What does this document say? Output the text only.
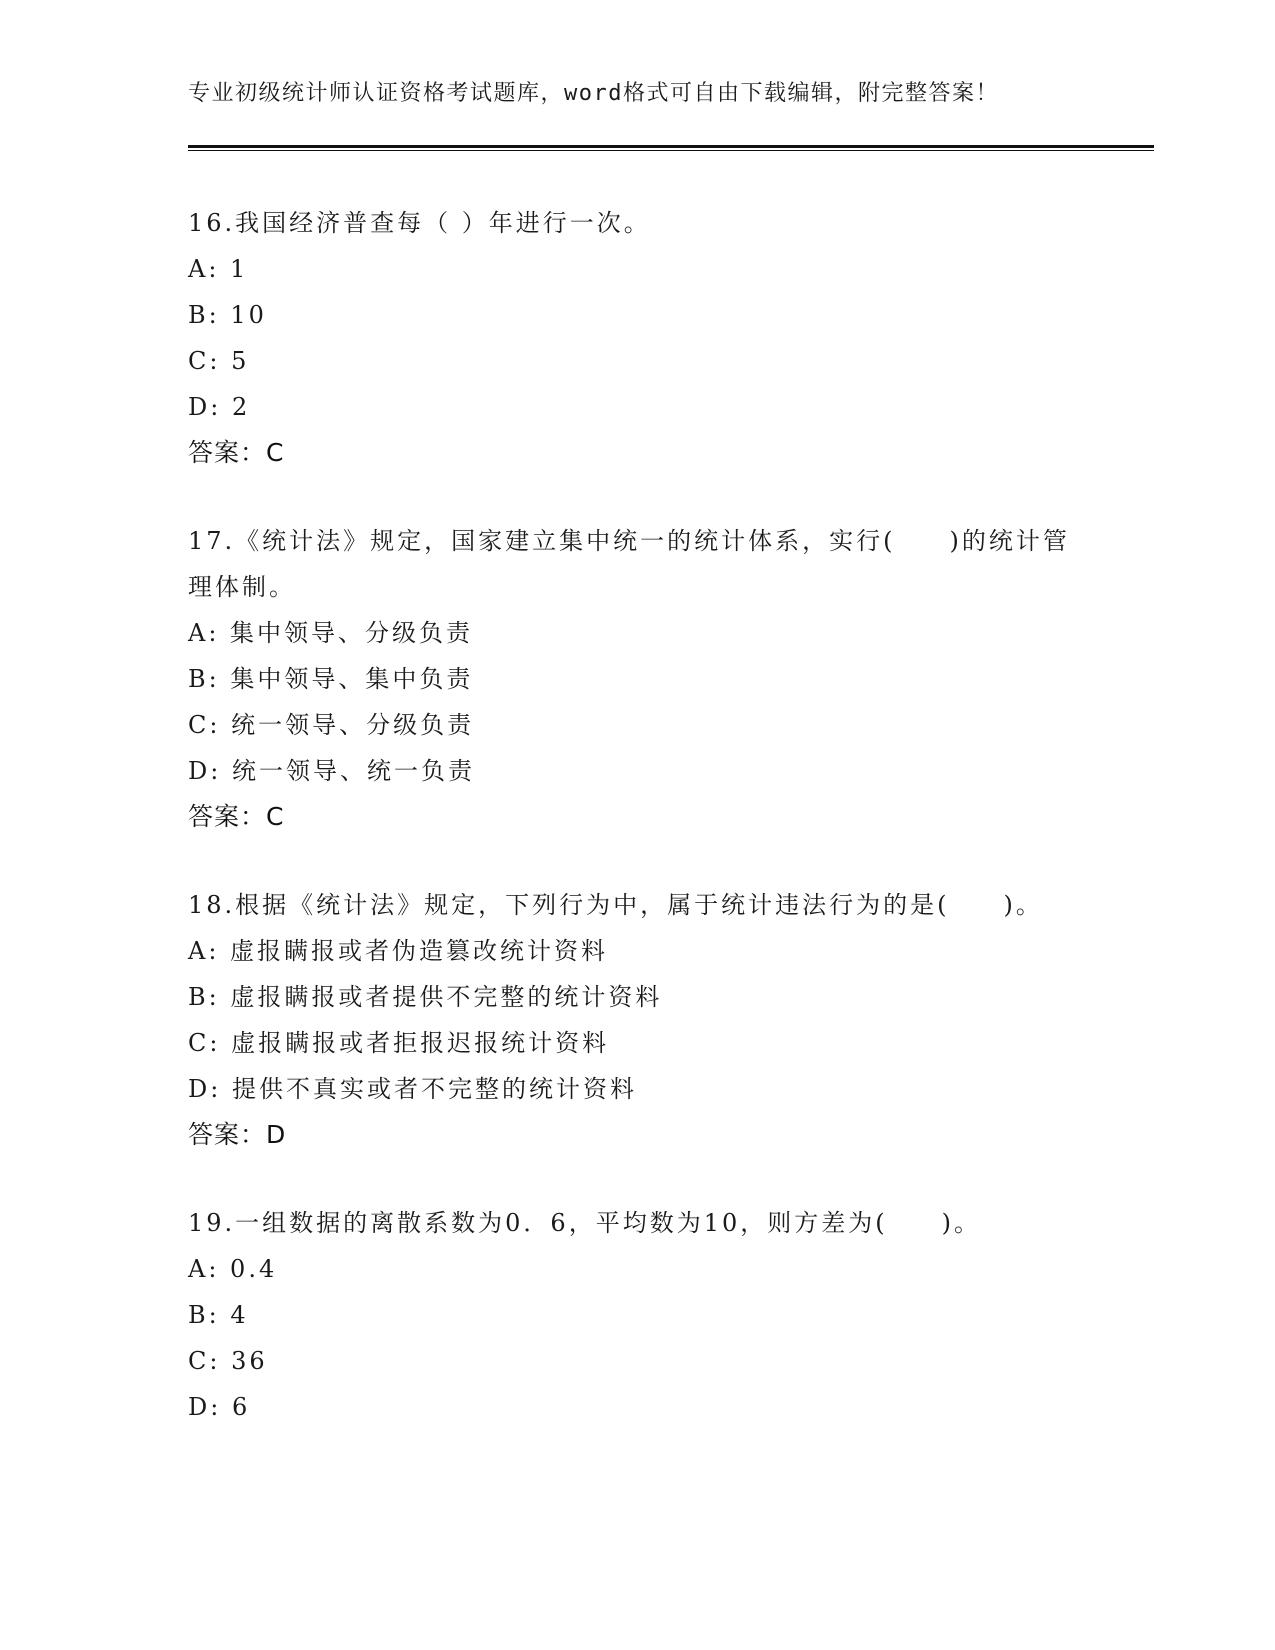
专业初级统计师认证资格考试题库，word格式可自由下载编辑，附完整答案！

16.我国经济普查每（ ）年进行一次。

A: 1

B: 10

C: 5

D: 2

答案：C

17.《统计法》规定，国家建立集中统一的统计体系，实行(　　)的统计管理体制。

A: 集中领导、分级负责

B: 集中领导、集中负责

C: 统一领导、分级负责

D: 统一领导、统一负责

答案：C

18.根据《统计法》规定，下列行为中，属于统计违法行为的是(　　)。

A: 虚报瞒报或者伪造篡改统计资料

B: 虚报瞒报或者提供不完整的统计资料

C: 虚报瞒报或者拒报迟报统计资料

D: 提供不真实或者不完整的统计资料

答案：D

19.一组数据的离散系数为0．6，平均数为10，则方差为(　　)。

A: 0.4

B: 4

C: 36

D: 6
